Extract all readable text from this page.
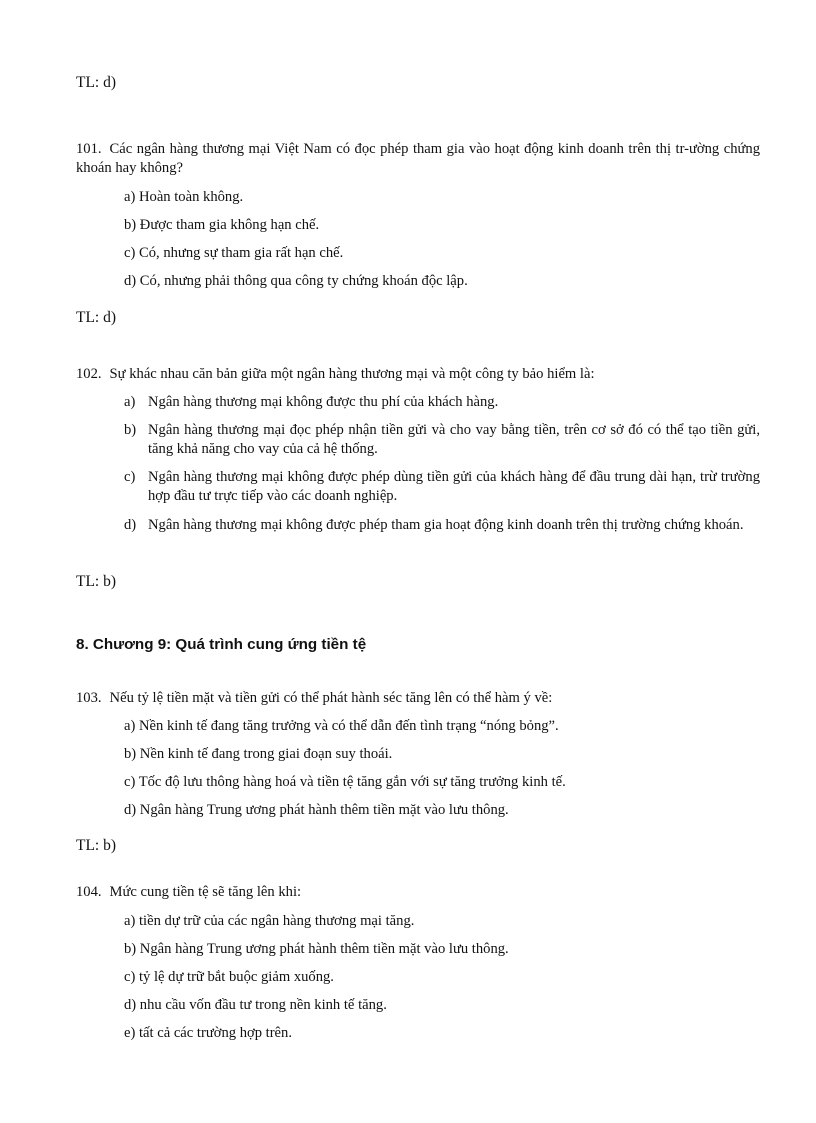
TL: d)
101. Các ngân hàng thương mại Việt Nam có đọc phép tham gia vào hoạt động kinh doanh trên thị tr-ường chứng khoán hay không?
a) Hoàn toàn không.
b) Được tham gia không hạn chế.
c) Có, nhưng sự tham gia rất hạn chế.
d) Có, nhưng phải thông qua công ty chứng khoán độc lập.
TL: d)
102. Sự khác nhau căn bản giữa một ngân hàng thương mại và một công ty bảo hiểm là:
a) Ngân hàng thương mại không được thu phí của khách hàng.
b) Ngân hàng thương mại đọc phép nhận tiền gửi và cho vay bằng tiền, trên cơ sở đó có thể tạo tiền gửi, tăng khả năng cho vay của cả hệ thống.
c) Ngân hàng thương mại không được phép dùng tiền gửi của khách hàng để đầu trung dài hạn, trừ trường hợp đầu tư trực tiếp vào các doanh nghiệp.
d) Ngân hàng thương mại không được phép tham gia hoạt động kinh doanh trên thị trường chứng khoán.
TL: b)
8. Chương 9: Quá trình cung ứng tiền tệ
103. Nếu tỷ lệ tiền mặt và tiền gửi có thể phát hành séc tăng lên có thể hàm ý về:
a) Nền kinh tế đang tăng trưởng và có thể dẫn đến tình trạng “nóng bỏng”.
b) Nền kinh tế đang trong giai đoạn suy thoái.
c) Tốc độ lưu thông hàng hoá và tiền tệ tăng gắn với sự tăng trưởng kinh tế.
d) Ngân hàng Trung ương phát hành thêm tiền mặt vào lưu thông.
TL: b)
104. Mức cung tiền tệ sẽ tăng lên khi:
a) tiền dự trữ của các ngân hàng thương mại tăng.
b) Ngân hàng Trung ương phát hành thêm tiền mặt vào lưu thông.
c) tỷ lệ dự trữ bắt buộc giảm xuống.
d) nhu cầu vốn đầu tư trong nền kinh tế tăng.
e) tất cả các trường hợp trên.
